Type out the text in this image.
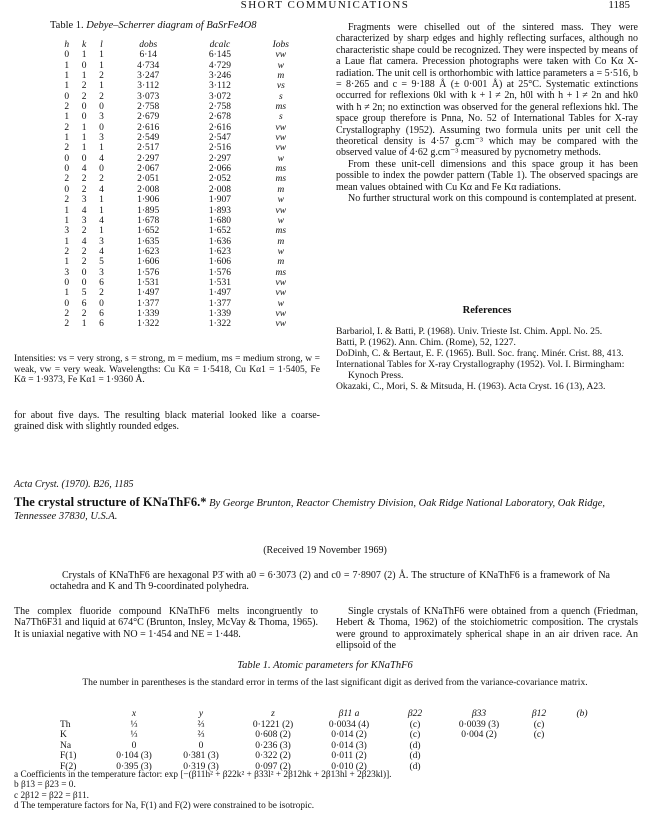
SHORT COMMUNICATIONS	1185
Table 1. Debye–Scherrer diagram of BaSrFe4O8
h	k	l	dobs	dcalc	Iobs
0	1	1	6·14	6·145	vw
1	0	1	4·734	4·729	w
1	1	2	3·247	3·246	m
1	2	1	3·112	3·112	vs
0	2	2	3·073	3·072	s
2	0	0	2·758	2·758	ms
1	0	3	2·679	2·678	s
2	1	0	2·616	2·616	vw
1	1	3	2·549	2·547	vw
2	1	1	2·517	2·516	vw
0	0	4	2·297	2·297	w
0	4	0	2·067	2·066	ms
2	2	2	2·051	2·052	ms
0	2	4	2·008	2·008	m
2	3	1	1·906	1·907	w
1	4	1	1·895	1·893	vw
1	3	4	1·678	1·680	w
3	2	1	1·652	1·652	ms
1	4	3	1·635	1·636	m
2	2	4	1·623	1·623	w
1	2	5	1·606	1·606	m
3	0	3	1·576	1·576	ms
0	0	6	1·531	1·531	vw
1	5	2	1·497	1·497	vw
0	6	0	1·377	1·377	w
2	2	6	1·339	1·339	vw
2	1	6	1·322	1·322	vw
Intensities: vs = very strong, s = strong, m = medium, ms = medium strong, w = weak, vw = very weak. Wavelengths: Cu Kᾱ = 1·5418, Cu Kα1 = 1·5405, Fe Kᾱ = 1·9373, Fe Kα1 = 1·9360 Å.
for about five days. The resulting black material looked like a coarse-grained disk with slightly rounded edges.
Fragments were chiselled out of the sintered mass. They were characterized by sharp edges and highly reflecting surfaces, although no characteristic shape could be recognized. They were inspected by means of a Laue flat camera. Precession photographs were taken with Co Kα X-radiation. The unit cell is orthorhombic with lattice parameters a = 5·516, b = 8·265 and c = 9·188 Å (± 0·001 Å) at 25°C. Systematic extinctions occurred for reflexions 0kl with k + l ≠ 2n, h0l with h + l ≠ 2n and hk0 with h ≠ 2n; no extinction was observed for the general reflexions hkl. The space group therefore is Pnna, No. 52 of International Tables for X-ray Crystallography (1952). Assuming two formula units per unit cell the theoretical density is 4·57 g.cm⁻³ which may be compared with the observed value of 4·62 g.cm⁻³ measured by pycnometry methods.
From these unit-cell dimensions and this space group it has been possible to index the powder pattern (Table 1). The observed spacings are mean values obtained with Cu Kα and Fe Kα radiations.
No further structural work on this compound is contemplated at present.
References

Barbariol, I. & Batti, P. (1968). Univ. Trieste Ist. Chim. Appl. No. 25.

Batti, P. (1962). Ann. Chim. (Rome), 52, 1227.

DoDinh, C. & Bertaut, E. F. (1965). Bull. Soc. franç. Minér. Crist. 88, 413.

International Tables for X-ray Crystallography (1952). Vol. I. Birmingham: Kynoch Press.

Okazaki, C., Mori, S. & Mitsuda, H. (1963). Acta Cryst. 16 (13), A23.

Acta Cryst. (1970). B26, 1185
The crystal structure of KNaThF6.* By George Brunton, Reactor Chemistry Division, Oak Ridge National Laboratory, Oak Ridge, Tennessee 37830, U.S.A.
(Received 19 November 1969)
Crystals of KNaThF6 are hexagonal P3̄ with a0 = 6·3073 (2) and c0 = 7·8907 (2) Å. The structure of KNaThF6 is a framework of Na octahedra and K and Th 9-coordinated polyhedra.
The complex fluoride compound KNaThF6 melts incongruently to Na7Th6F31 and liquid at 674°C (Brunton, Insley, McVay & Thoma, 1965). It is uniaxial negative with NO = 1·454 and NE = 1·448.
Single crystals of KNaThF6 were obtained from a quench (Friedman, Hebert & Thoma, 1962) of the stoichiometric composition. The crystals were ground to approximately spherical shape in an air driven race. An ellipsoid of the
Table 1. Atomic parameters for KNaThF6
The number in parentheses is the standard error in terms of the last significant digit as derived from the variance-covariance matrix.
	x	y	z	β11 a	β22	β33	β12	(b)
Th	⅓	⅔	0·1221 (2)	0·0034 (4)	(c)	0·0039 (3)	(c)	
K	⅓	⅔	0·608 (2)	0·014 (2)	(c)	0·004 (2)	(c)	
Na	0	0	0·236 (3)	0·014 (3)	(d)			
F(1)	0·104 (3)	0·381 (3)	0·322 (2)	0·011 (2)	(d)			
F(2)	0·395 (3)	0·319 (3)	0·097 (2)	0·010 (2)	(d)			

a Coefficients in the temperature factor: exp [−(β11h² + β22k² + β33l² + 2β12hk + 2β13hl + 2β23kl)].

b β13 = β23 = 0.

c 2β12 = β22 = β11.

d The temperature factors for Na, F(1) and F(2) were constrained to be isotropic.
